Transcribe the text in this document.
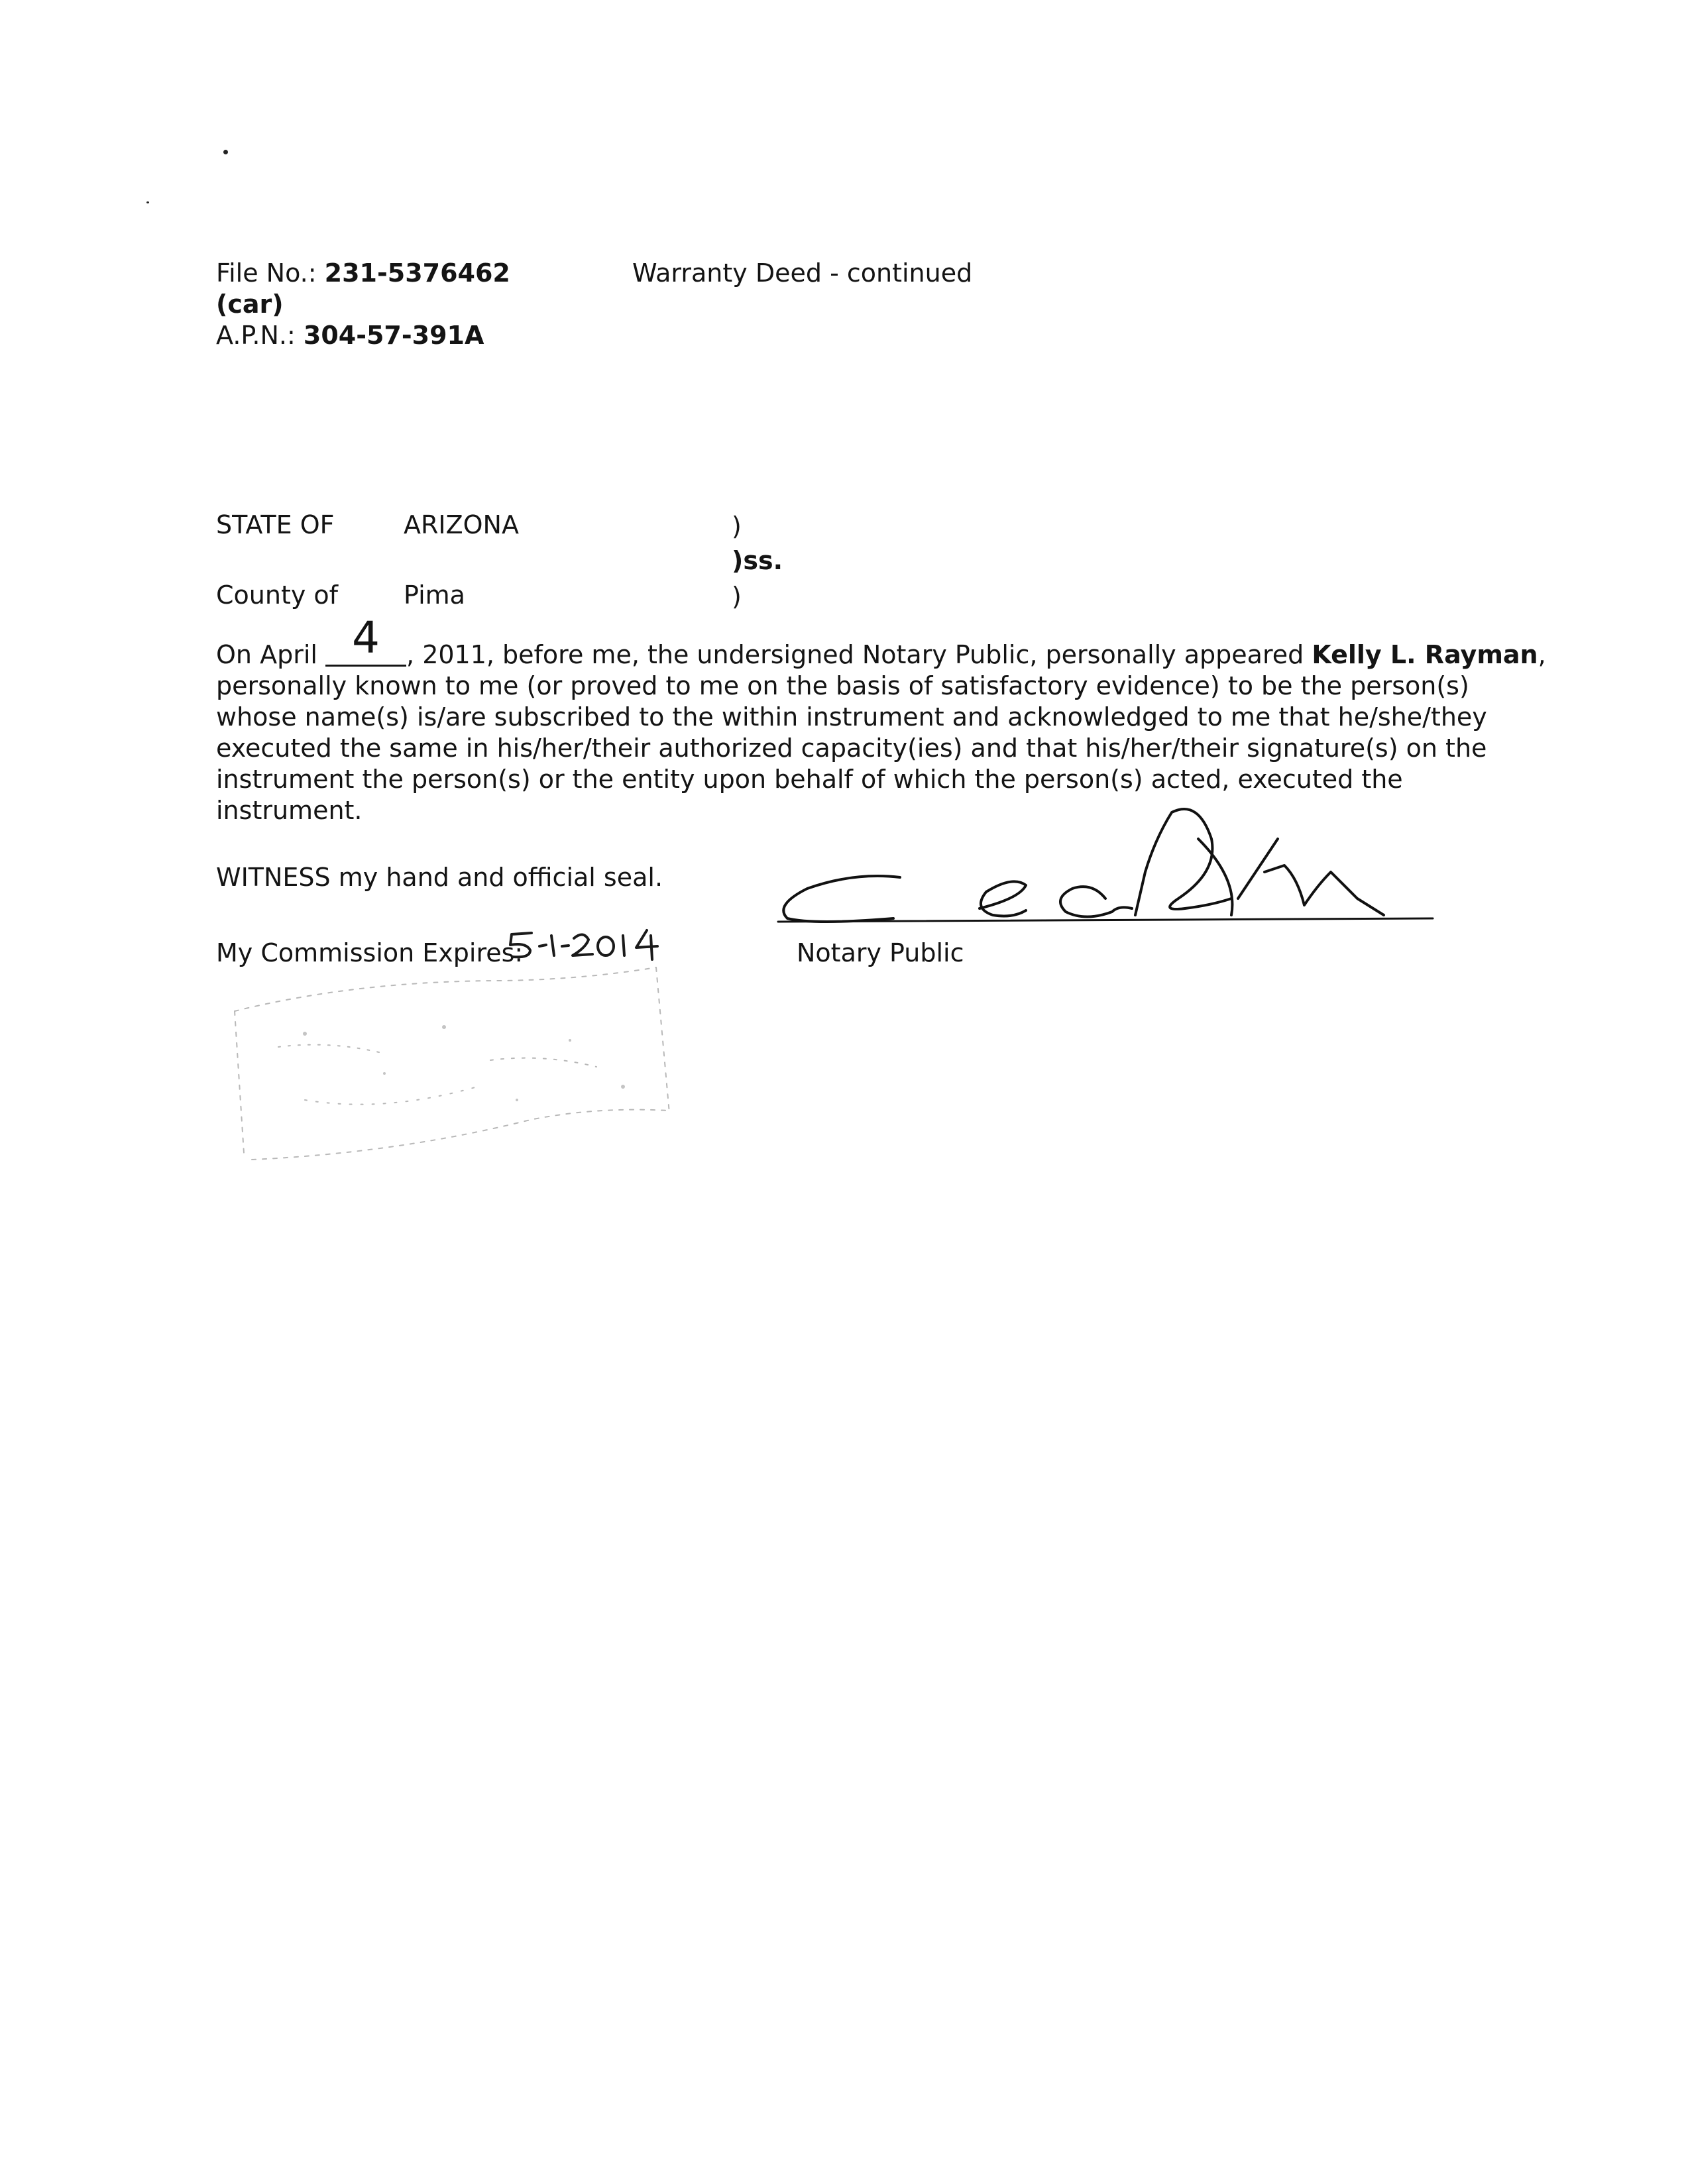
File No.: 231-5376462
(car)
A.P.N.: 304-57-391A
Warranty Deed - continued
STATE OF	ARIZONA	)
)ss.
County of	Pima	)
On April 4 , 2011, before me, the undersigned Notary Public, personally appeared Kelly L. Rayman,
personally known to me (or proved to me on the basis of satisfactory evidence) to be the person(s)
whose name(s) is/are subscribed to the within instrument and acknowledged to me that he/she/they
executed the same in his/her/their authorized capacity(ies) and that his/her/their signature(s) on the
instrument the person(s) or the entity upon behalf of which the person(s) acted, executed the
instrument.
WITNESS my hand and official seal.
My Commission Expires:	Notary Public
